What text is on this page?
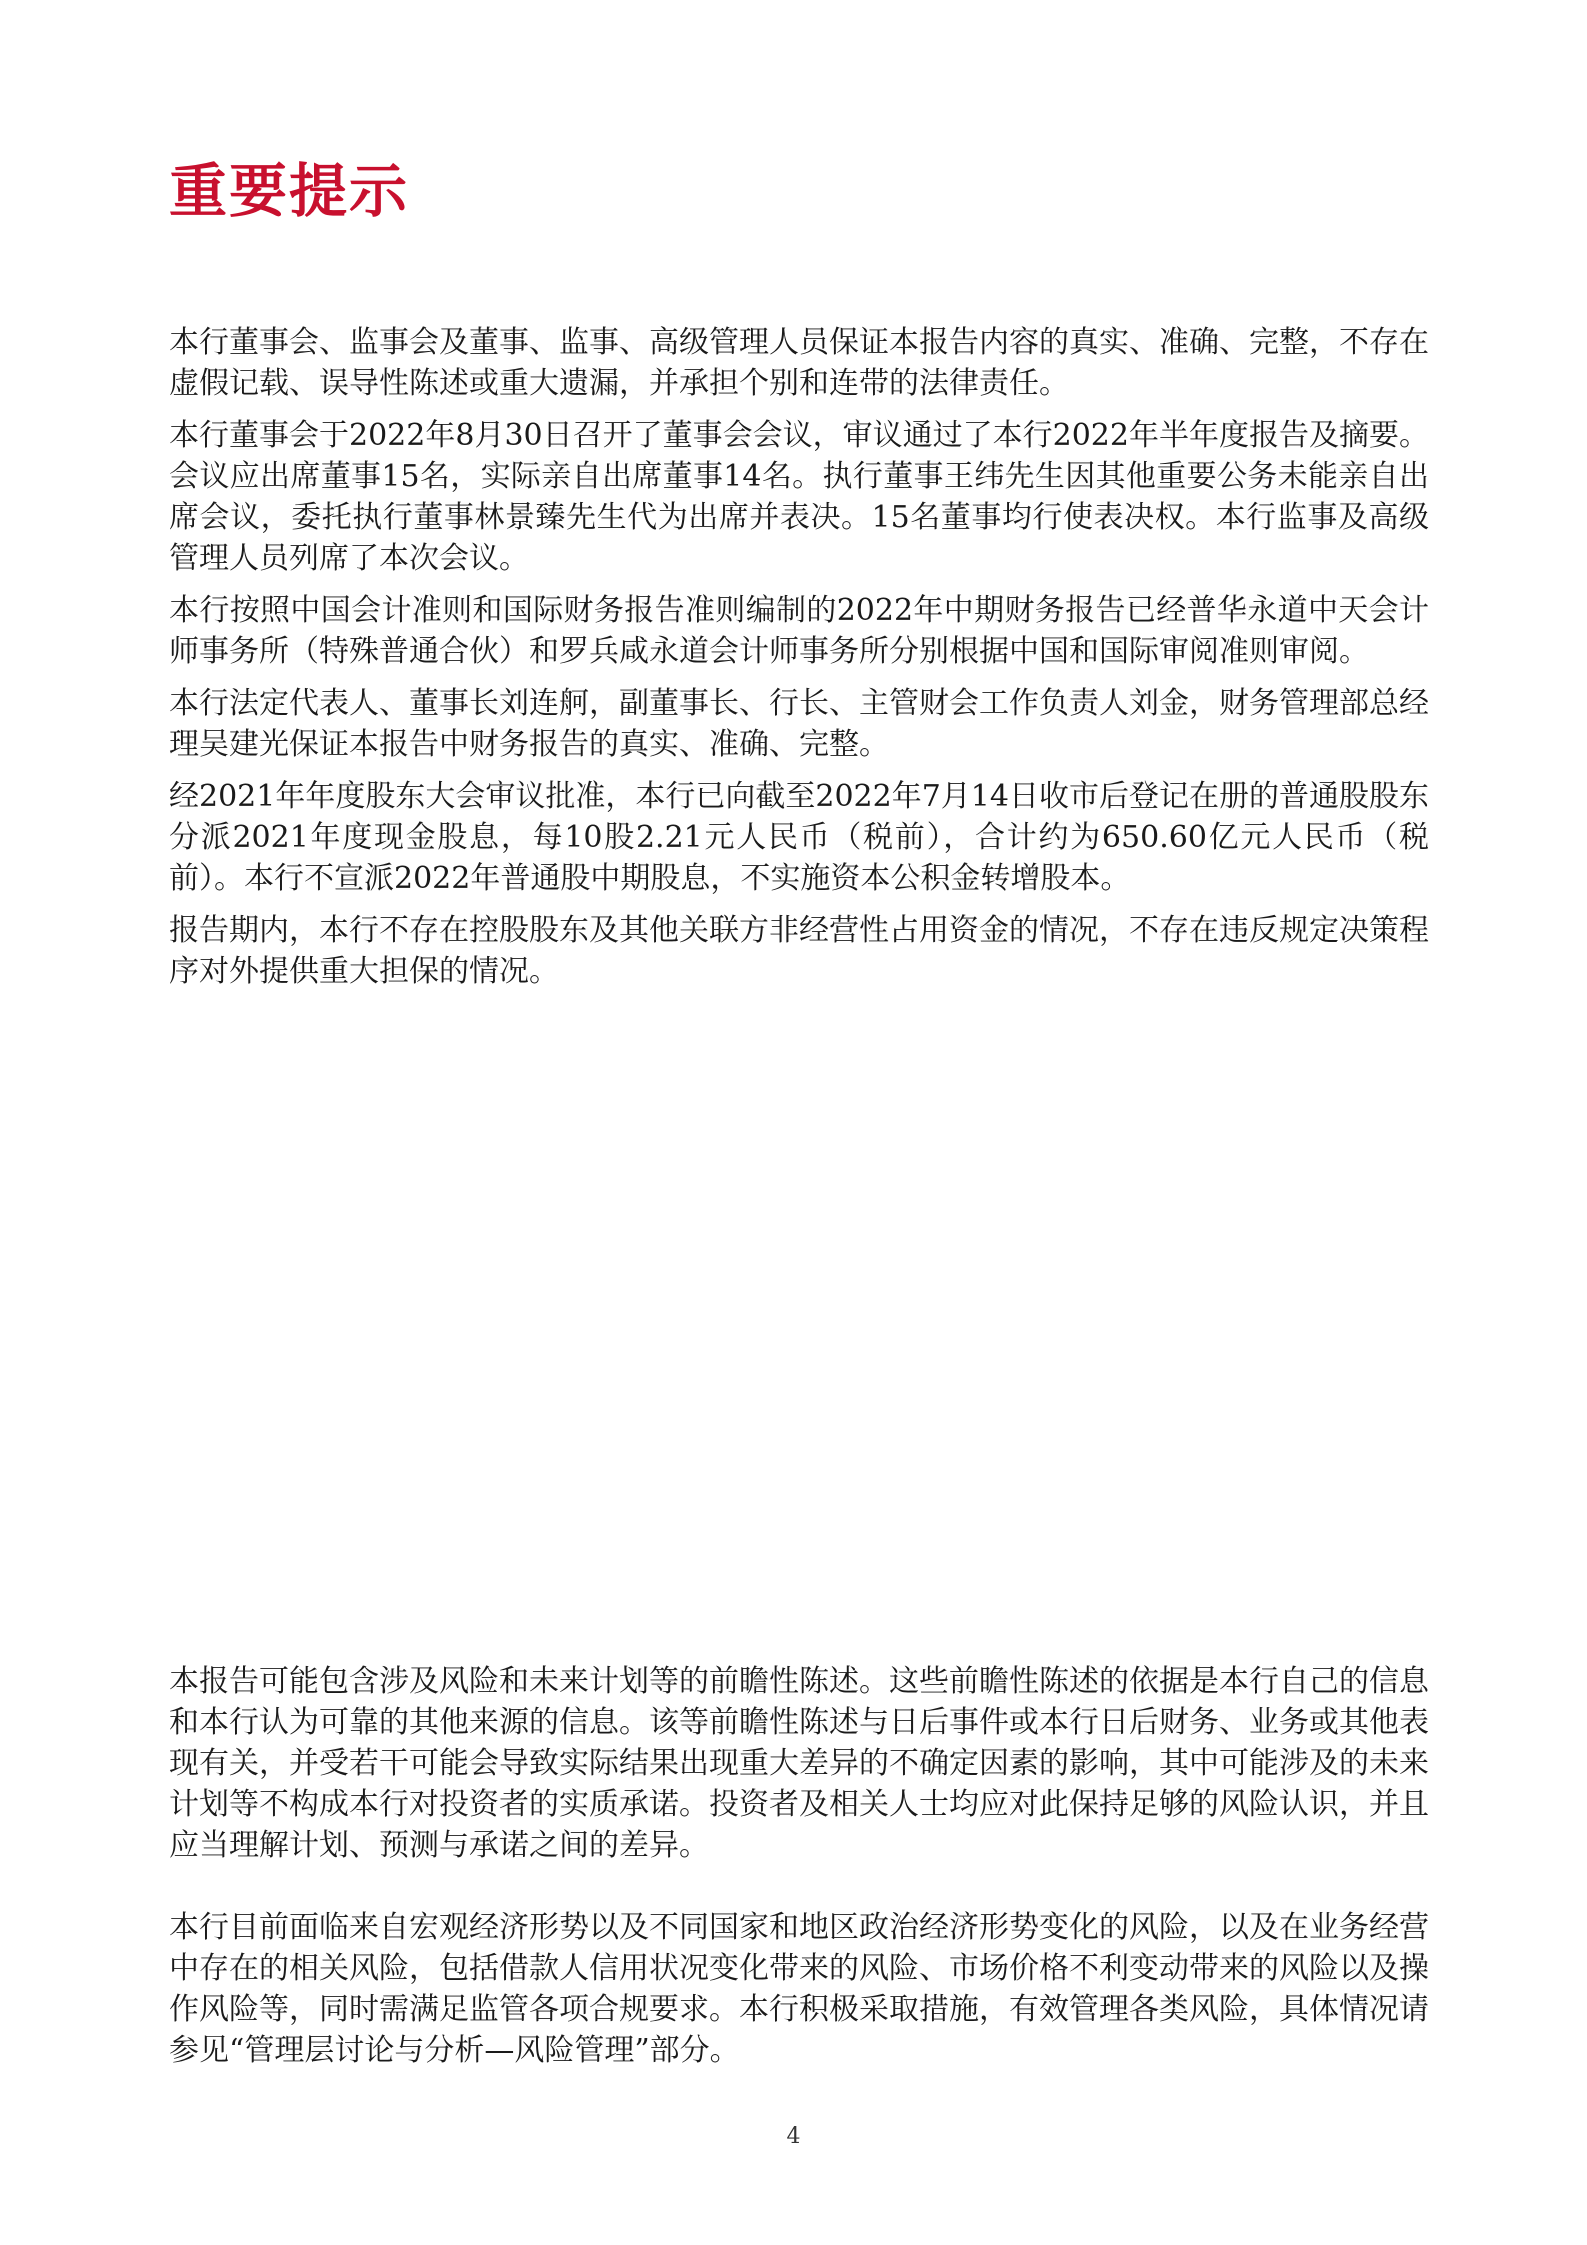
重要提示

本行董事会、监事会及董事、监事、高级管理人员保证本报告内容的真实、准确、完整，不存在虚假记载、误导性陈述或重大遗漏，并承担个别和连带的法律责任。

本行董事会于2022年8月30日召开了董事会会议，审议通过了本行2022年半年度报告及摘要。会议应出席董事15名，实际亲自出席董事14名。执行董事王纬先生因其他重要公务未能亲自出席会议，委托执行董事林景臻先生代为出席并表决。15名董事均行使表决权。本行监事及高级管理人员列席了本次会议。

本行按照中国会计准则和国际财务报告准则编制的2022年中期财务报告已经普华永道中天会计师事务所（特殊普通合伙）和罗兵咸永道会计师事务所分别根据中国和国际审阅准则审阅。

本行法定代表人、董事长刘连舸，副董事长、行长、主管财会工作负责人刘金，财务管理部总经理吴建光保证本报告中财务报告的真实、准确、完整。

经2021年年度股东大会审议批准，本行已向截至2022年7月14日收市后登记在册的普通股股东分派2021年度现金股息，每10股2.21元人民币（税前），合计约为650.60亿元人民币（税前）。本行不宣派2022年普通股中期股息，不实施资本公积金转增股本。

报告期内，本行不存在控股股东及其他关联方非经营性占用资金的情况，不存在违反规定决策程序对外提供重大担保的情况。

本报告可能包含涉及风险和未来计划等的前瞻性陈述。这些前瞻性陈述的依据是本行自己的信息和本行认为可靠的其他来源的信息。该等前瞻性陈述与日后事件或本行日后财务、业务或其他表现有关，并受若干可能会导致实际结果出现重大差异的不确定因素的影响，其中可能涉及的未来计划等不构成本行对投资者的实质承诺。投资者及相关人士均应对此保持足够的风险认识，并且应当理解计划、预测与承诺之间的差异。

本行目前面临来自宏观经济形势以及不同国家和地区政治经济形势变化的风险，以及在业务经营中存在的相关风险，包括借款人信用状况变化带来的风险、市场价格不利变动带来的风险以及操作风险等，同时需满足监管各项合规要求。本行积极采取措施，有效管理各类风险，具体情况请参见“管理层讨论与分析—风险管理”部分。

4
